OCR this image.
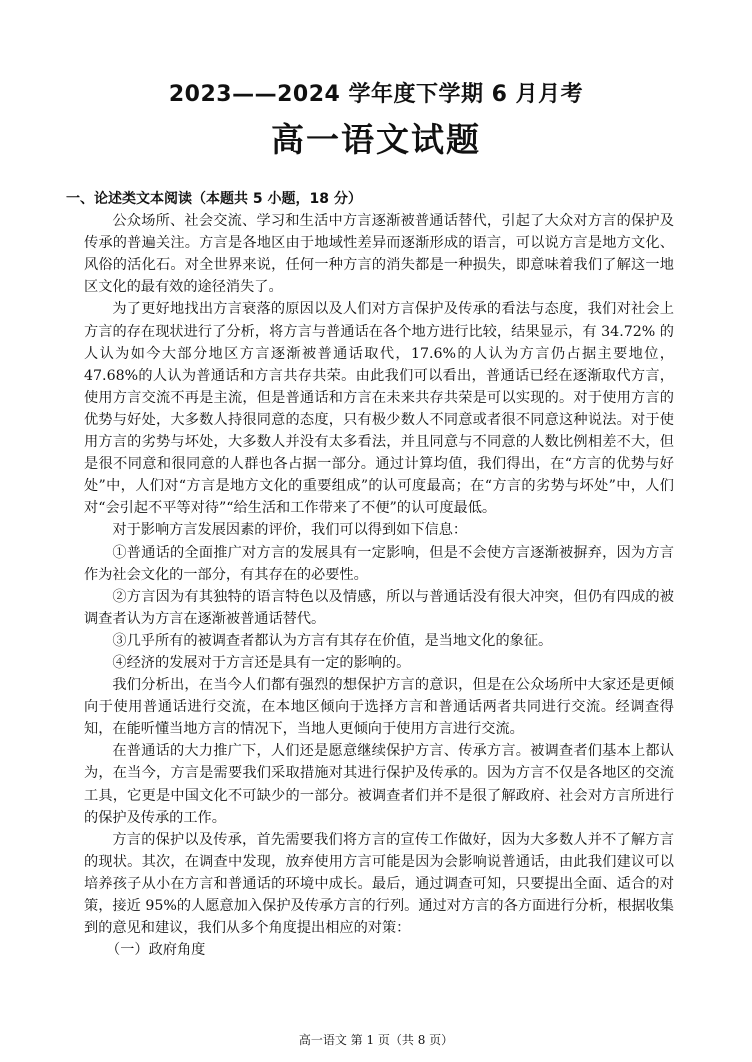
2023——2024 学年度下学期 6 月月考
高一语文试题

一、论述类文本阅读（本题共 5 小题，18 分）

公众场所、社会交流、学习和生活中方言逐渐被普通话替代，引起了大众对方言的保护及传承的普遍关注。方言是各地区由于地域性差异而逐渐形成的语言，可以说方言是地方文化、风俗的活化石。对全世界来说，任何一种方言的消失都是一种损失，即意味着我们了解这一地区文化的最有效的途径消失了。

为了更好地找出方言衰落的原因以及人们对方言保护及传承的看法与态度，我们对社会上方言的存在现状进行了分析，将方言与普通话在各个地方进行比较，结果显示，有 34.72% 的人认为如今大部分地区方言逐渐被普通话取代，17.6%的人认为方言仍占据主要地位，47.68%的人认为普通话和方言共存共荣。由此我们可以看出，普通话已经在逐渐取代方言，使用方言交流不再是主流，但是普通话和方言在未来共存共荣是可以实现的。对于使用方言的优势与好处，大多数人持很同意的态度，只有极少数人不同意或者很不同意这种说法。对于使用方言的劣势与坏处，大多数人并没有太多看法，并且同意与不同意的人数比例相差不大，但是很不同意和很同意的人群也各占据一部分。通过计算均值，我们得出，在“方言的优势与好处”中，人们对“方言是地方文化的重要组成”的认可度最高；在“方言的劣势与坏处”中，人们对“会引起不平等对待”“给生活和工作带来了不便”的认可度最低。

对于影响方言发展因素的评价，我们可以得到如下信息：

①普通话的全面推广对方言的发展具有一定影响，但是不会使方言逐渐被摒弃，因为方言作为社会文化的一部分，有其存在的必要性。

②方言因为有其独特的语言特色以及情感，所以与普通话没有很大冲突，但仍有四成的被调查者认为方言在逐渐被普通话替代。

③几乎所有的被调查者都认为方言有其存在价值，是当地文化的象征。

④经济的发展对于方言还是具有一定的影响的。

我们分析出，在当今人们都有强烈的想保护方言的意识，但是在公众场所中大家还是更倾向于使用普通话进行交流，在本地区倾向于选择方言和普通话两者共同进行交流。经调查得知，在能听懂当地方言的情况下，当地人更倾向于使用方言进行交流。

在普通话的大力推广下，人们还是愿意继续保护方言、传承方言。被调查者们基本上都认为，在当今，方言是需要我们采取措施对其进行保护及传承的。因为方言不仅是各地区的交流工具，它更是中国文化不可缺少的一部分。被调查者们并不是很了解政府、社会对方言所进行的保护及传承的工作。

方言的保护以及传承，首先需要我们将方言的宣传工作做好，因为大多数人并不了解方言的现状。其次，在调查中发现，放弃使用方言可能是因为会影响说普通话，由此我们建议可以培养孩子从小在方言和普通话的环境中成长。最后，通过调查可知，只要提出全面、适合的对策，接近 95%的人愿意加入保护及传承方言的行列。通过对方言的各方面进行分析，根据收集到的意见和建议，我们从多个角度提出相应的对策：

（一）政府角度

高一语文 第 1 页（共 8 页）
